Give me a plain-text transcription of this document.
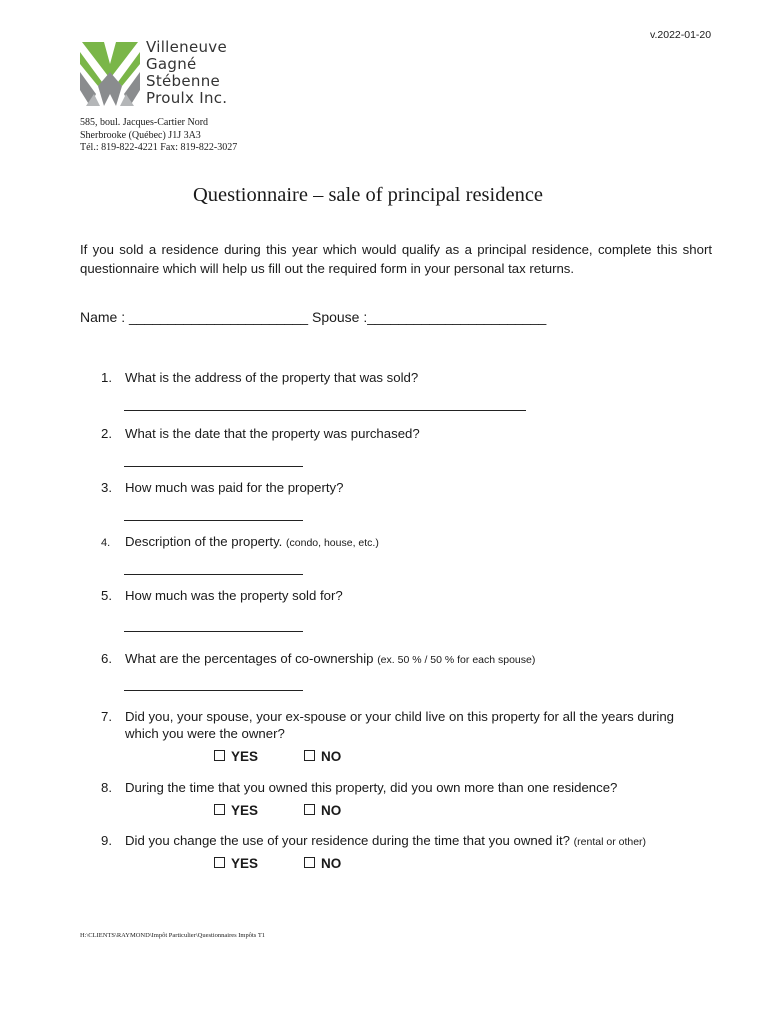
v.2022-01-20
Villeneuve
Gagné
Stébenne
Proulx Inc.
585, boul. Jacques-Cartier Nord
Sherbrooke (Québec) J1J 3A3
Tél.: 819-822-4221 Fax: 819-822-3027
Questionnaire – sale of principal residence
If you sold a residence during this year which would qualify as a principal residence, complete this short questionnaire which will help us fill out the required form in your personal tax returns.
Name : _______________________ Spouse :_______________________
1. What is the address of the property that was sold?
2. What is the date that the property was purchased?
3. How much was paid for the property?
4. Description of the property. (condo, house, etc.)
5. How much was the property sold for?
6. What are the percentages of co-ownership (ex. 50 % / 50 % for each spouse)
7. Did you, your spouse, your ex-spouse or your child live on this property for all the years during
which you were the owner?
YES	NO
8. During the time that you owned this property, did you own more than one residence?
YES	NO
9. Did you change the use of your residence during the time that you owned it? (rental or other)
YES	NO
H:\CLIENTS\RAYMOND\Impôt Particulier\Questionnaires Impôts T1
